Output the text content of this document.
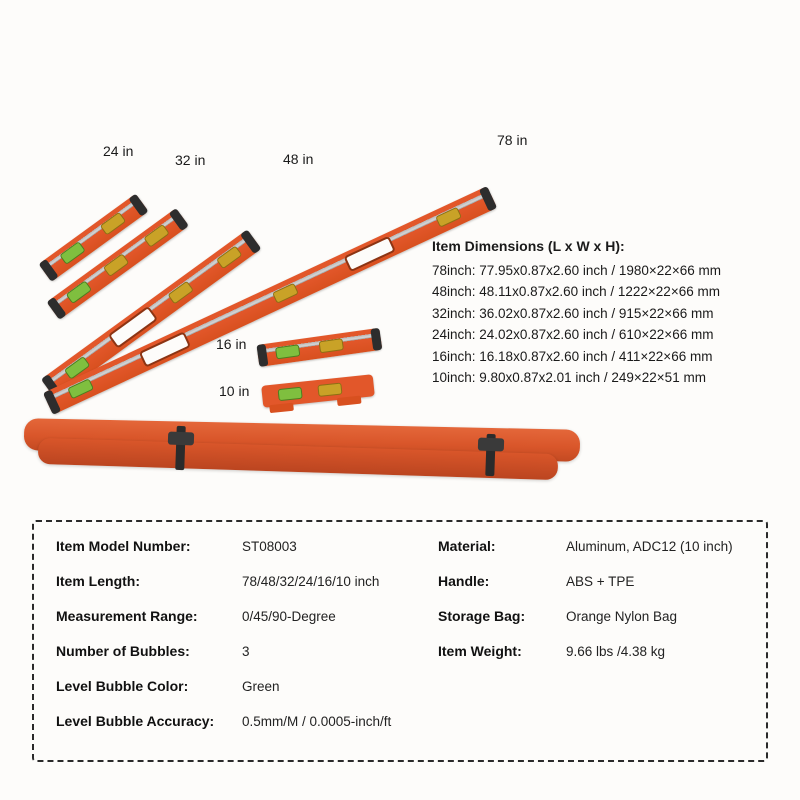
24 in
32 in	48 in
78 in
16 in
10 in
Item Dimensions (L x W x H):
78inch: 77.95x0.87x2.60 inch / 1980×22×66 mm
48inch: 48.11x0.87x2.60 inch / 1222×22×66 mm
32inch: 36.02x0.87x2.60 inch / 915×22×66 mm
24inch: 24.02x0.87x2.60 inch / 610×22×66 mm
16inch: 16.18x0.87x2.60 inch / 411×22×66 mm
10inch: 9.80x0.87x2.01 inch / 249×22×51 mm
Item Model Number:	ST08003	Material:	Aluminum, ADC12 (10 inch)
Item Length:	78/48/32/24/16/10 inch	Handle:	ABS + TPE
Measurement Range:	0/45/90-Degree	Storage Bag:	Orange Nylon Bag
Number of Bubbles:	3	Item Weight:	9.66 lbs /4.38 kg
Level Bubble Color:	Green
Level Bubble Accuracy:	0.5mm/M / 0.0005-inch/ft
